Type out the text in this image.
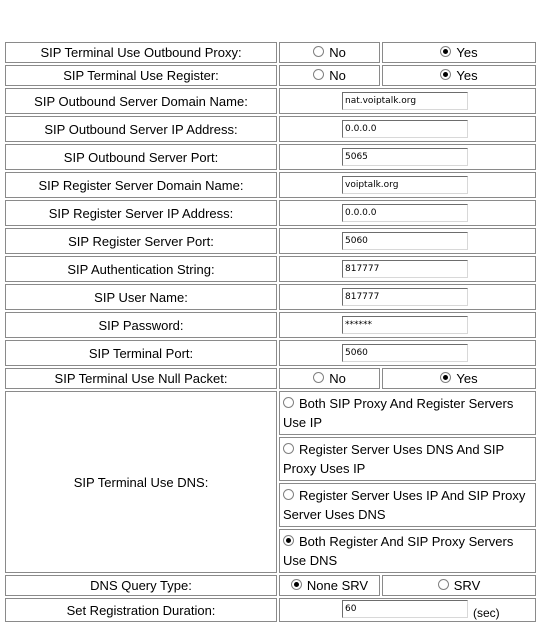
SIP Terminal Use Outbound Proxy:	No	Yes
SIP Terminal Use Register:	No	Yes
SIP Outbound Server Domain Name:	nat.voiptalk.org	
SIP Outbound Server IP Address:	0.0.0.0	
SIP Outbound Server Port:	5065	
SIP Register Server Domain Name:	voiptalk.org	
SIP Register Server IP Address:	0.0.0.0	
SIP Register Server Port:	5060	
SIP Authentication String:	817777	
SIP User Name:	817777	
SIP Password:	******	
SIP Terminal Port:	5060	
SIP Terminal Use Null Packet:	No	Yes
SIP Terminal Use DNS:	Both SIP Proxy And Register Servers Use IP	
	Register Server Uses DNS And SIP Proxy Uses IP	
	Register Server Uses IP And SIP Proxy Server Uses DNS	
	Both Register And SIP Proxy Servers Use DNS	
DNS Query Type:	None SRV	SRV
Set Registration Duration:	60 (sec)	
